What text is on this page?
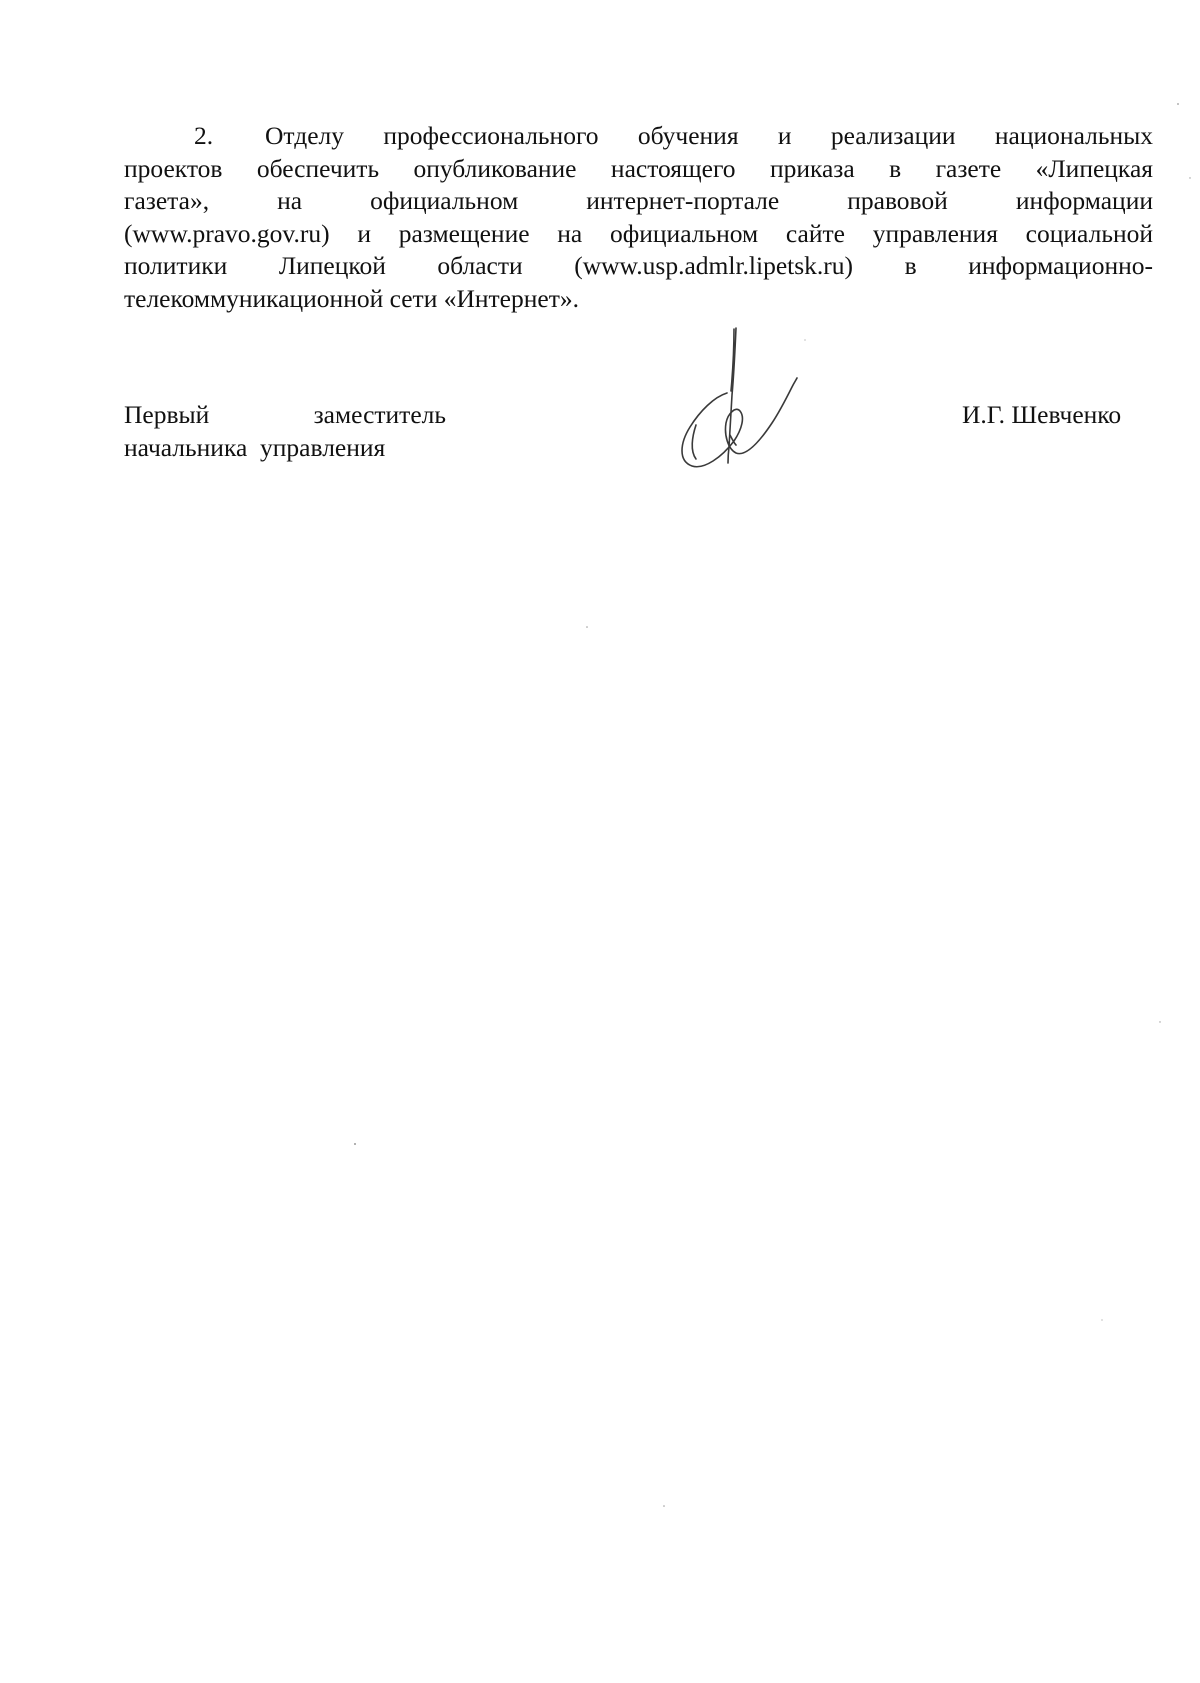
2. Отделу профессионального обучения и реализации национальных
проектов обеспечить опубликование настоящего приказа в газете «Липецкая
газета», на официальном интернет-портале правовой информации
(www.pravo.gov.ru) и размещение на официальном сайте управления социальной
политики Липецкой области (www.usp.admlr.lipetsk.ru) в информационно-
телекоммуникационной сети «Интернет».
Первый	заместитель
начальника  управления
И.Г. Шевченко
